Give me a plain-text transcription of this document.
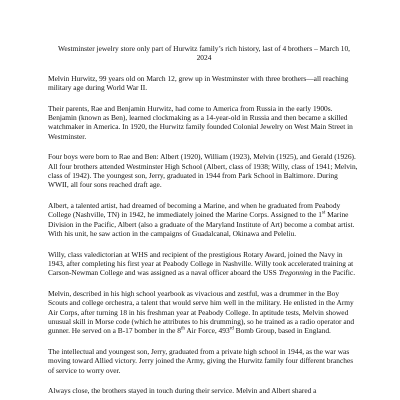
Westminster jewelry store only part of Hurwitz family’s rich history, last of 4 brothers – March 10, 2024

Melvin Hurwitz, 99 years old on March 12, grew up in Westminster with three brothers—all reaching military age during World War II.

Their parents, Rae and Benjamin Hurwitz, had come to America from Russia in the early 1900s. Benjamin (known as Ben), learned clockmaking as a 14-year-old in Russia and then became a skilled watchmaker in America. In 1920, the Hurwitz family founded Colonial Jewelry on West Main Street in Westminster.

Four boys were born to Rae and Ben: Albert (1920), William (1923), Melvin (1925), and Gerald (1926). All four brothers attended Westminster High School (Albert, class of 1938; Willy, class of 1941; Melvin, class of 1942). The youngest son, Jerry, graduated in 1944 from Park School in Baltimore. During WWII, all four sons reached draft age.

Albert, a talented artist, had dreamed of becoming a Marine, and when he graduated from Peabody College (Nashville, TN) in 1942, he immediately joined the Marine Corps. Assigned to the 1st Marine Division in the Pacific, Albert (also a graduate of the Maryland Institute of Art) become a combat artist. With his unit, he saw action in the campaigns of Guadalcanal, Okinawa and Peleliu.

Willy, class valedictorian at WHS and recipient of the prestigious Rotary Award, joined the Navy in 1943, after completing his first year at Peabody College in Nashville. Willy took accelerated training at Carson-Newman College and was assigned as a naval officer aboard the USS Tregonning in the Pacific.

Melvin, described in his high school yearbook as vivacious and zestful, was a drummer in the Boy Scouts and college orchestra, a talent that would serve him well in the military. He enlisted in the Army Air Corps, after turning 18 in his freshman year at Peabody College. In aptitude tests, Melvin showed unusual skill in Morse code (which he attributes to his drumming), so he trained as a radio operator and gunner. He served on a B-17 bomber in the 8th Air Force, 493rd Bomb Group, based in England.

The intellectual and youngest son, Jerry, graduated from a private high school in 1944, as the war was moving toward Allied victory. Jerry joined the Army, giving the Hurwitz family four different branches of service to worry over.

Always close, the brothers stayed in touch during their service. Melvin and Albert shared a
